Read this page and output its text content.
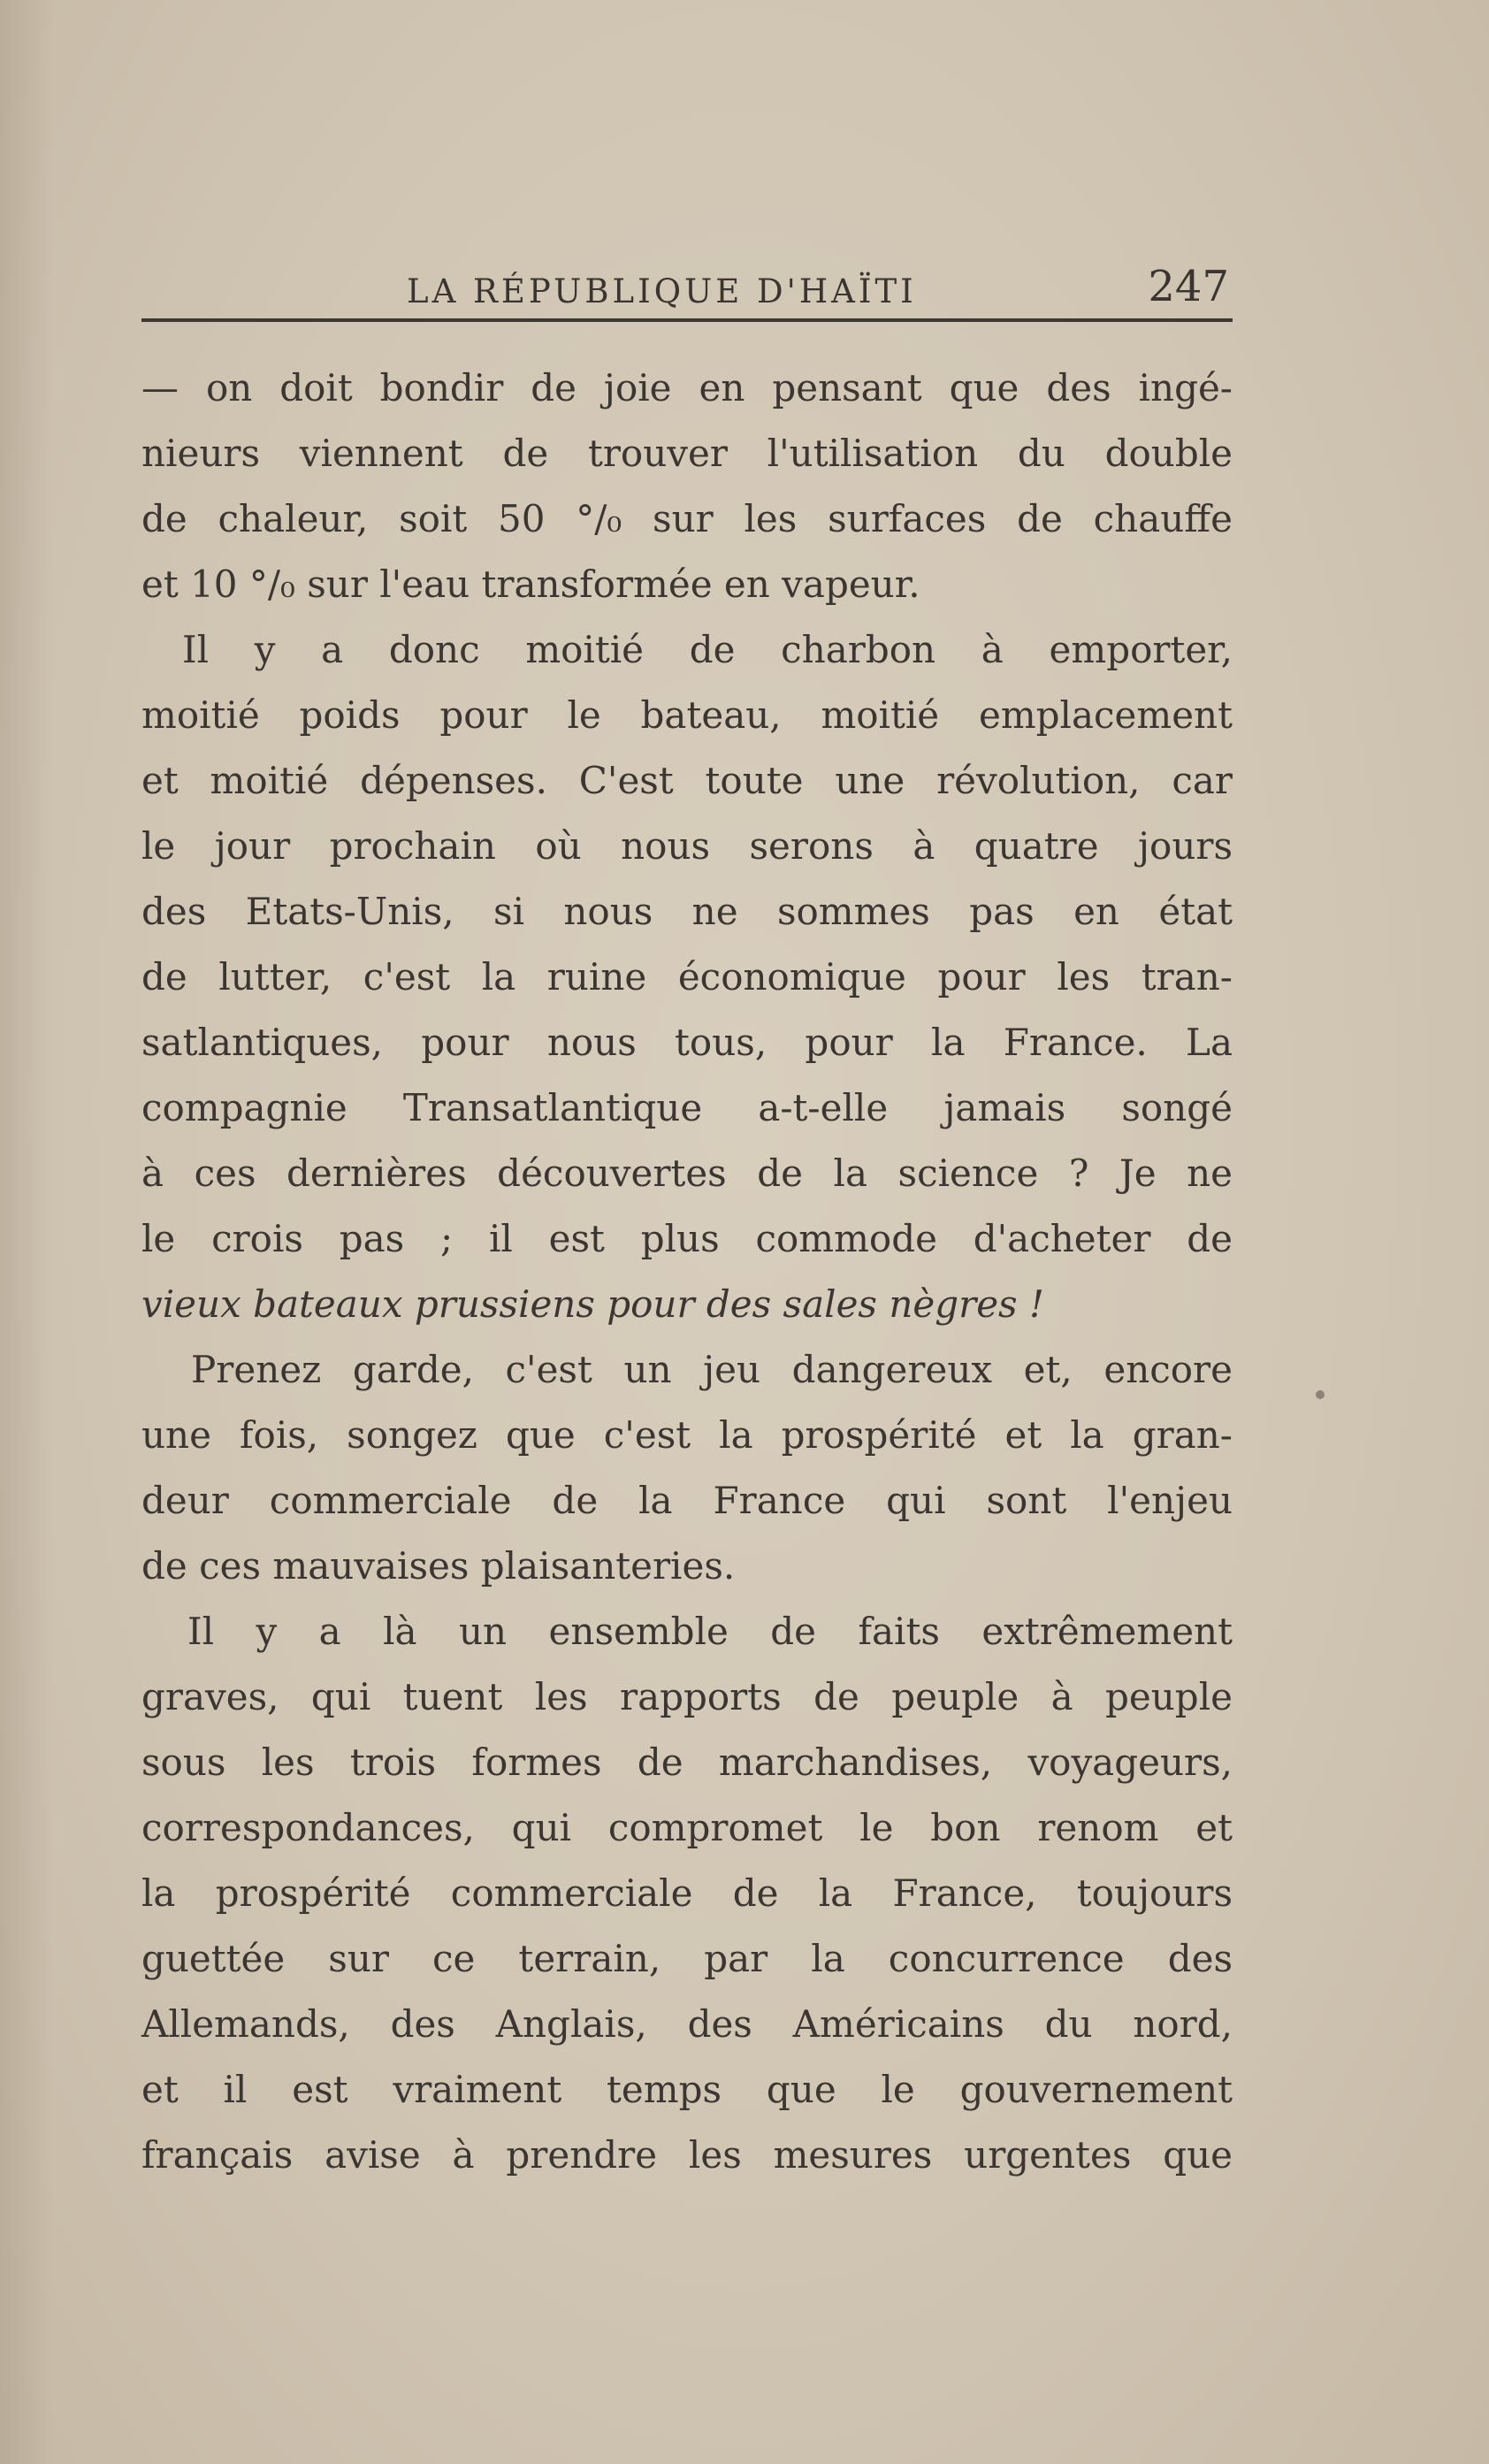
LA RÉPUBLIQUE D'HAÏTI	247
— on doit bondir de joie en pensant que des ingé-
nieurs viennent de trouver l'utilisation du double
de chaleur, soit 50 °/₀ sur les surfaces de chauffe
et 10 °/₀ sur l'eau transformée en vapeur.
Il y a donc moitié de charbon à emporter,
moitié poids pour le bateau, moitié emplacement
et moitié dépenses. C'est toute une révolution, car
le jour prochain où nous serons à quatre jours
des Etats-Unis, si nous ne sommes pas en état
de lutter, c'est la ruine économique pour les tran-
satlantiques, pour nous tous, pour la France. La
compagnie Transatlantique a-t-elle jamais songé
à ces dernières découvertes de la science ? Je ne
le crois pas ; il est plus commode d'acheter de
vieux bateaux prussiens pour des sales nègres !
Prenez garde, c'est un jeu dangereux et, encore
une fois, songez que c'est la prospérité et la gran-
deur commerciale de la France qui sont l'enjeu
de ces mauvaises plaisanteries.
Il y a là un ensemble de faits extrêmement
graves, qui tuent les rapports de peuple à peuple
sous les trois formes de marchandises, voyageurs,
correspondances, qui compromet le bon renom et
la prospérité commerciale de la France, toujours
guettée sur ce terrain, par la concurrence des
Allemands, des Anglais, des Américains du nord,
et il est vraiment temps que le gouvernement
français avise à prendre les mesures urgentes que
